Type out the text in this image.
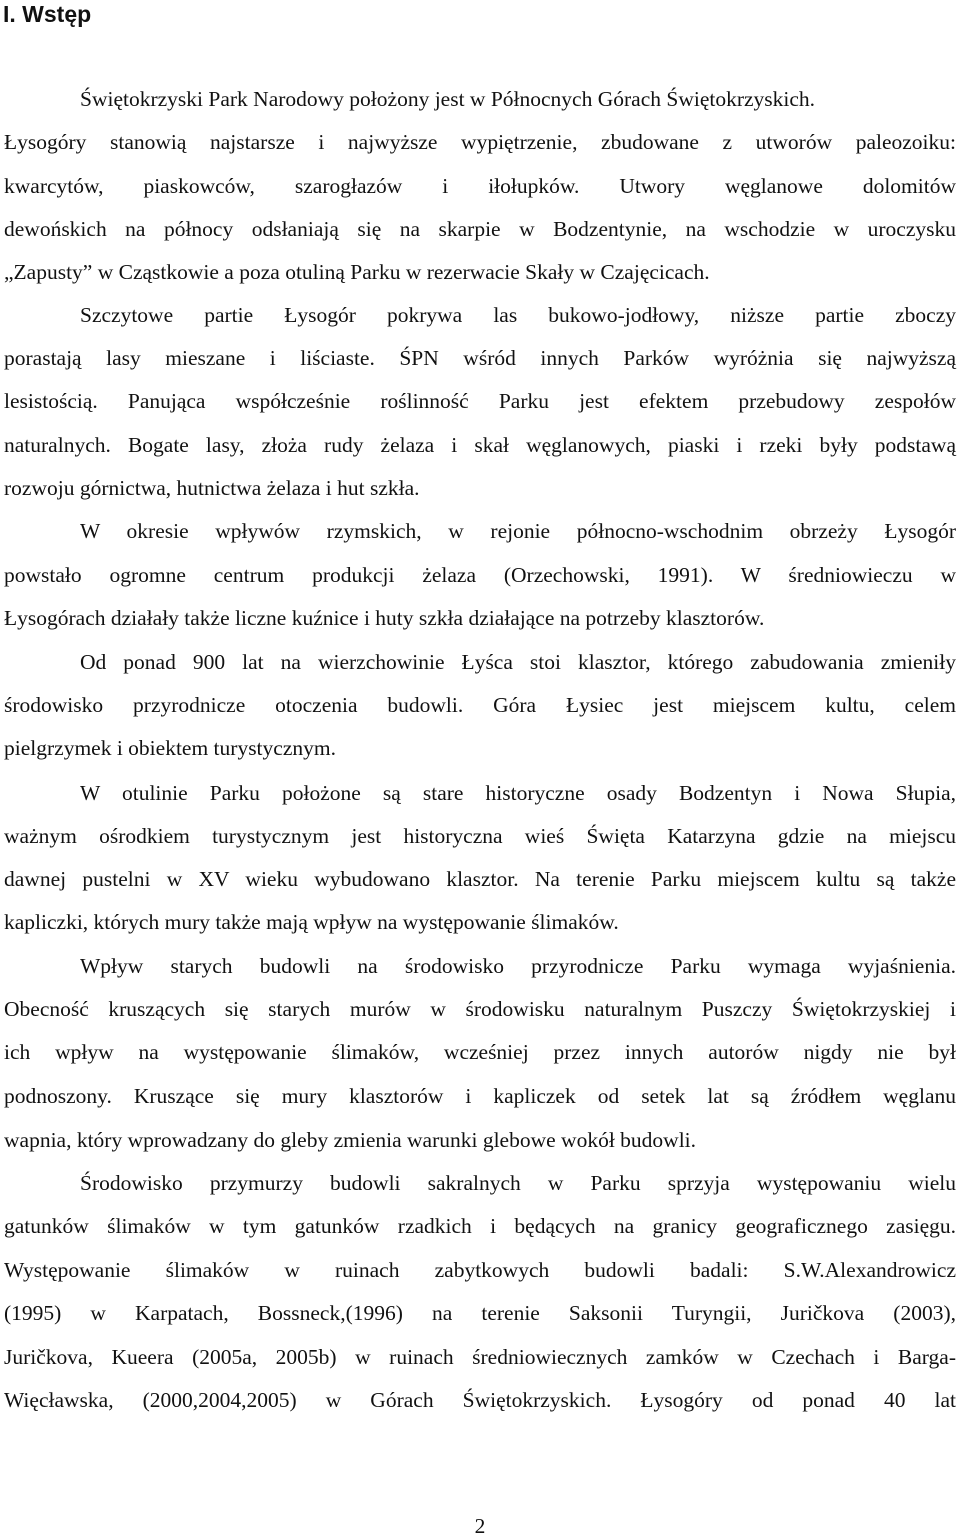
I. Wstęp

Świętokrzyski Park Narodowy położony jest w Północnych Górach Świętokrzyskich.

Łysogóry stanowią najstarsze i najwyższe wypiętrzenie, zbudowane z utworów paleozoiku:

kwarcytów, piaskowców, szarogłazów i iłołupków. Utwory węglanowe dolomitów

dewońskich na północy odsłaniają się na skarpie w Bodzentynie, na wschodzie w uroczysku

„Zapusty” w Cząstkowie a poza otuliną Parku w rezerwacie Skały w Czajęcicach.

Szczytowe partie Łysogór pokrywa las bukowo-jodłowy, niższe partie zboczy

porastają lasy mieszane i liściaste. ŚPN wśród innych Parków wyróżnia się najwyższą

lesistością. Panująca współcześnie roślinność Parku jest efektem przebudowy zespołów

naturalnych. Bogate lasy, złoża rudy żelaza i skał węglanowych, piaski i rzeki były podstawą

rozwoju górnictwa, hutnictwa żelaza i hut szkła.

W okresie wpływów rzymskich, w rejonie północno-wschodnim obrzeży Łysogór

powstało ogromne centrum produkcji żelaza (Orzechowski, 1991). W średniowieczu w

Łysogórach działały także liczne kuźnice i huty szkła działające na potrzeby klasztorów.

Od ponad 900 lat na wierzchowinie Łyśca stoi klasztor, którego zabudowania zmieniły

środowisko przyrodnicze otoczenia budowli. Góra Łysiec jest miejscem kultu, celem

pielgrzymek i obiektem turystycznym.

W otulinie Parku położone są stare historyczne osady Bodzentyn i Nowa Słupia,

ważnym ośrodkiem turystycznym jest historyczna wieś Święta Katarzyna gdzie na miejscu

dawnej pustelni w XV wieku wybudowano klasztor. Na terenie Parku miejscem kultu są także

kapliczki, których mury także mają wpływ na występowanie ślimaków.

Wpływ starych budowli na środowisko przyrodnicze Parku wymaga wyjaśnienia.

Obecność kruszących się starych murów w środowisku naturalnym Puszczy Świętokrzyskiej i

ich wpływ na występowanie ślimaków, wcześniej przez innych autorów nigdy nie był

podnoszony. Kruszące się mury klasztorów i kapliczek od setek lat są źródłem węglanu

wapnia, który wprowadzany do gleby zmienia warunki glebowe wokół budowli.

Środowisko przymurzy budowli sakralnych w Parku sprzyja występowaniu wielu

gatunków ślimaków w tym gatunków rzadkich i będących na granicy geograficznego zasięgu.

Występowanie ślimaków w ruinach zabytkowych budowli badali: S.W.Alexandrowicz

(1995) w Karpatach, Bossneck,(1996) na terenie Saksonii Turyngii, Juričkova (2003),

Juričkova, Kueera (2005a, 2005b) w ruinach średniowiecznych zamków w Czechach i Barga-

Więcławska, (2000,2004,2005) w Górach Świętokrzyskich. Łysogóry od ponad 40 lat

2
